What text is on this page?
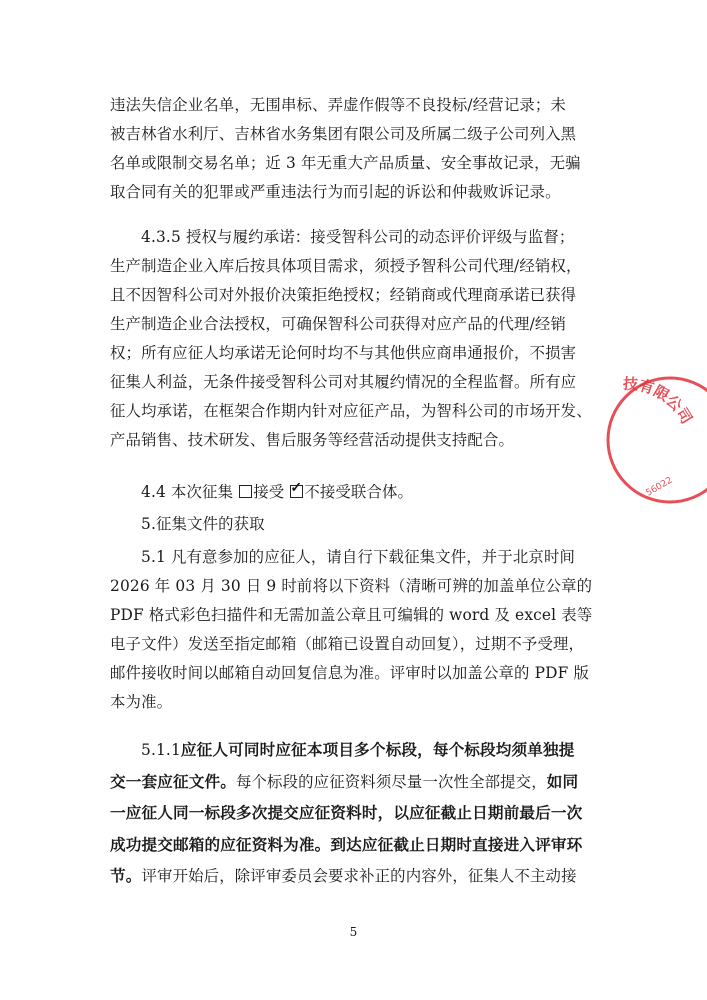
违法失信企业名单，无围串标、弄虚作假等不良投标/经营记录；未
被吉林省水利厅、吉林省水务集团有限公司及所属二级子公司列入黑
名单或限制交易名单；近 3 年无重大产品质量、安全事故记录，无骗
取合同有关的犯罪或严重违法行为而引起的诉讼和仲裁败诉记录。
4.3.5 授权与履约承诺：接受智科公司的动态评价评级与监督；
生产制造企业入库后按具体项目需求，须授予智科公司代理/经销权，
且不因智科公司对外报价决策拒绝授权；经销商或代理商承诺已获得
生产制造企业合法授权，可确保智科公司获得对应产品的代理/经销
权；所有应征人均承诺无论何时均不与其他供应商串通报价，不损害
征集人利益，无条件接受智科公司对其履约情况的全程监督。所有应
征人均承诺，在框架合作期内针对应征产品，为智科公司的市场开发、
产品销售、技术研发、售后服务等经营活动提供支持配合。
4.4 本次征集 接受 ✓ 不接受联合体。
5.征集文件的获取
5.1 凡有意参加的应征人，请自行下载征集文件，并于北京时间
2026 年 03 月 30 日 9 时前将以下资料（清晰可辨的加盖单位公章的
PDF 格式彩色扫描件和无需加盖公章且可编辑的 word 及 excel 表等
电子文件）发送至指定邮箱（邮箱已设置自动回复），过期不予受理，
邮件接收时间以邮箱自动回复信息为准。评审时以加盖公章的 PDF 版
本为准。
5.1.1应征人可同时应征本项目多个标段，每个标段均须单独提
交一套应征文件。每个标段的应征资料须尽量一次性全部提交，如同
一应征人同一标段多次提交应征资料时，以应征截止日期前最后一次
成功提交邮箱的应征资料为准。到达应征截止日期时直接进入评审环
节。评审开始后，除评审委员会要求补正的内容外，征集人不主动接
5
技有限公司
56022
